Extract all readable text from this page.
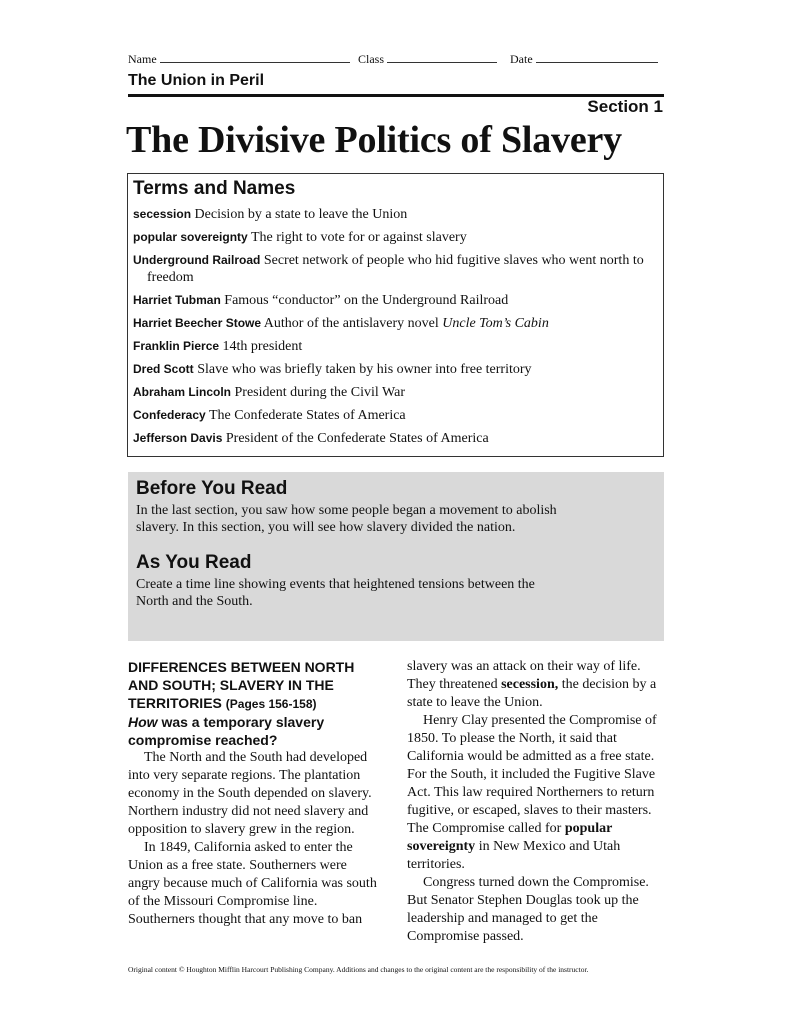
Name	Class	Date
The Union in Peril
Section 1
The Divisive Politics of Slavery
Terms and Names
secession Decision by a state to leave the Union
popular sovereignty The right to vote for or against slavery
Underground Railroad Secret network of people who hid fugitive slaves who went north to freedom
Harriet Tubman Famous “conductor” on the Underground Railroad
Harriet Beecher Stowe Author of the antislavery novel Uncle Tom’s Cabin
Franklin Pierce 14th president
Dred Scott Slave who was briefly taken by his owner into free territory
Abraham Lincoln President during the Civil War
Confederacy The Confederate States of America
Jefferson Davis President of the Confederate States of America
Before You Read

In the last section, you saw how some people began a movement to abolish slavery. In this section, you will see how slavery divided the nation.

As You Read

Create a time line showing events that heightened tensions between the North and the South.

DIFFERENCES BETWEEN NORTH AND SOUTH; SLAVERY IN THE TERRITORIES (Pages 156-158)
How was a temporary slavery compromise reached?

The North and the South had developed into very separate regions. The plantation economy in the South depended on slavery. Northern industry did not need slavery and opposition to slavery grew in the region.

In 1849, California asked to enter the Union as a free state. Southerners were angry because much of California was south of the Missouri Compromise line. Southerners thought that any move to ban

slavery was an attack on their way of life. They threatened secession, the decision by a state to leave the Union.

Henry Clay presented the Compromise of 1850. To please the North, it said that California would be admitted as a free state. For the South, it included the Fugitive Slave Act. This law required Northerners to return fugitive, or escaped, slaves to their masters. The Compromise called for popular sovereignty in New Mexico and Utah territories.

Congress turned down the Compromise. But Senator Stephen Douglas took up the leadership and managed to get the Compromise passed.

Original content © Houghton Mifflin Harcourt Publishing Company. Additions and changes to the original content are the responsibility of the instructor.
